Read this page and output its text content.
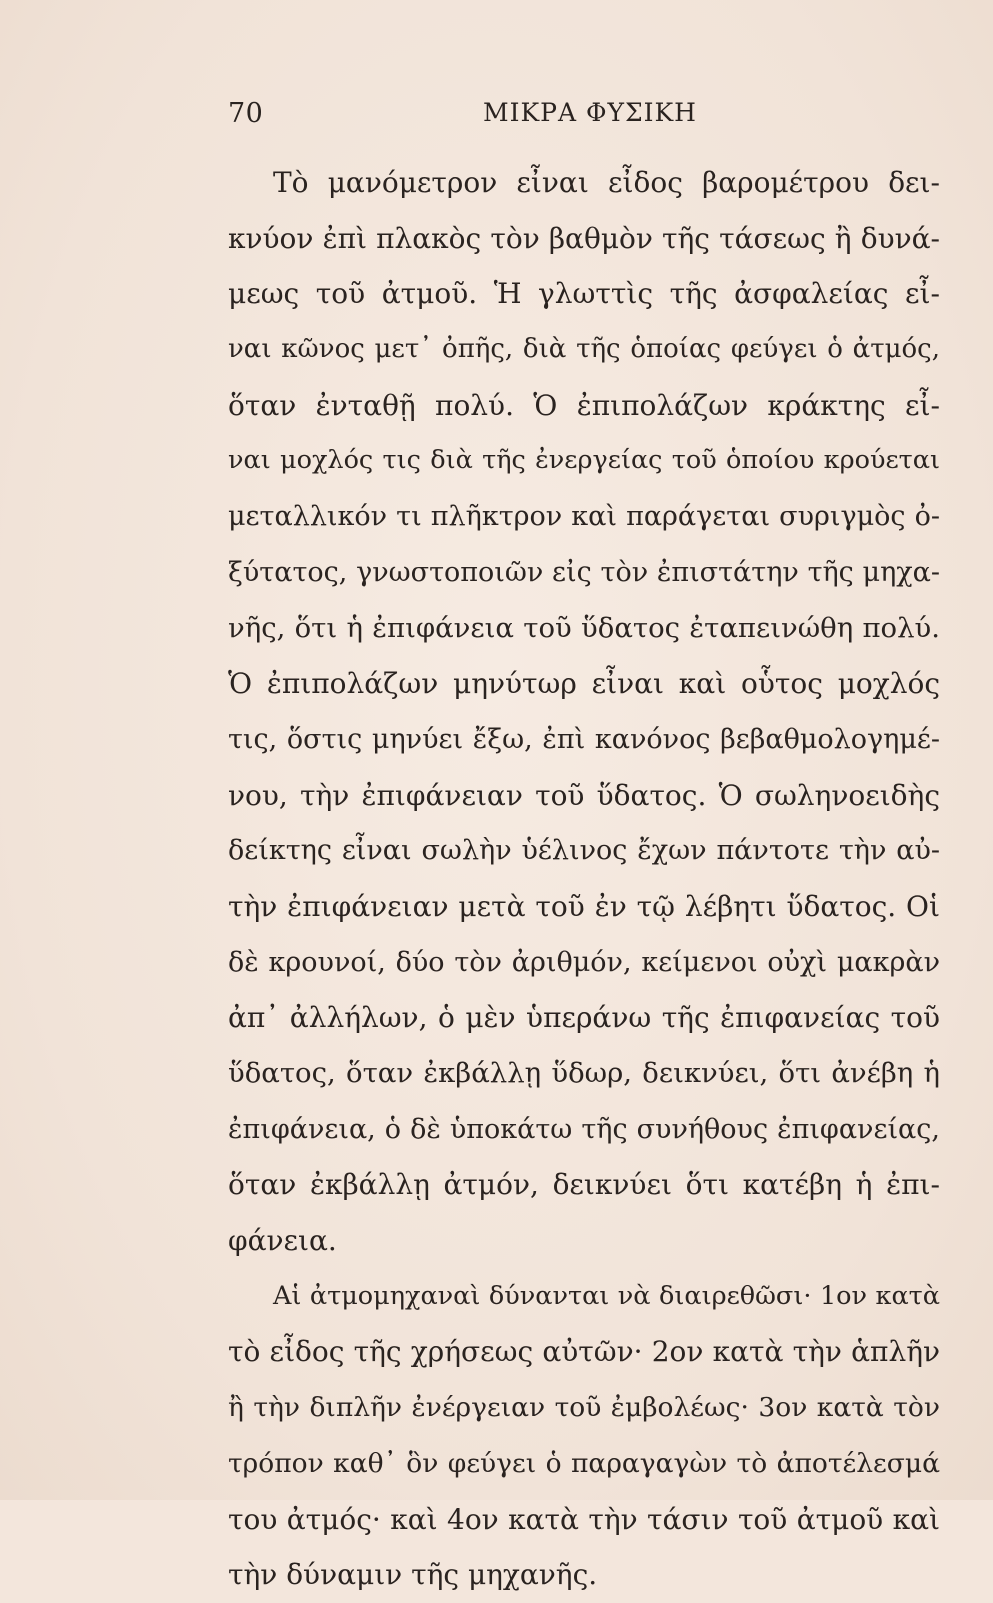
70	ΜΙΚΡΑ ΦΥΣΙΚΗ
Τὸ μανόμετρον εἶναι εἶδος βαρομέτρου δει-
κνύον ἐπὶ πλακὸς τὸν βαθμὸν τῆς τάσεως ἢ δυνά-
μεως τοῦ ἀτμοῦ. Ἡ γλωττὶς τῆς ἀσφαλείας εἶ-
ναι κῶνος μετ᾽ ὀπῆς, διὰ τῆς ὁποίας φεύγει ὁ ἀτμός,
ὅταν ἐνταθῇ πολύ. Ὁ ἐπιπολάζων κράκτης εἶ-
ναι μοχλός τις διὰ τῆς ἐνεργείας τοῦ ὁποίου κρούεται
μεταλλικόν τι πλῆκτρον καὶ παράγεται συριγμὸς ὀ-
ξύτατος, γνωστοποιῶν εἰς τὸν ἐπιστάτην τῆς μηχα-
νῆς, ὅτι ἡ ἐπιφάνεια τοῦ ὕδατος ἐταπεινώθη πολύ.
Ὁ ἐπιπολάζων μηνύτωρ εἶναι καὶ οὗτος μοχλός
τις, ὅστις μηνύει ἔξω, ἐπὶ κανόνος βεβαθμολογημέ-
νου, τὴν ἐπιφάνειαν τοῦ ὕδατος. Ὁ σωληνοειδὴς
δείκτης εἶναι σωλὴν ὑέλινος ἔχων πάντοτε τὴν αὐ-
τὴν ἐπιφάνειαν μετὰ τοῦ ἐν τῷ λέβητι ὕδατος. Οἱ
δὲ κρουνοί, δύο τὸν ἀριθμόν, κείμενοι οὐχὶ μακρὰν
ἀπ᾽ ἀλλήλων, ὁ μὲν ὑπεράνω τῆς ἐπιφανείας τοῦ
ὕδατος, ὅταν ἐκβάλλῃ ὕδωρ, δεικνύει, ὅτι ἀνέβη ἡ
ἐπιφάνεια, ὁ δὲ ὑποκάτω τῆς συνήθους ἐπιφανείας,
ὅταν ἐκβάλλῃ ἀτμόν, δεικνύει ὅτι κατέβη ἡ ἐπι-
φάνεια.
Αἱ ἀτμομηχαναὶ δύνανται νὰ διαιρεθῶσι· 1ον κατὰ
τὸ εἶδος τῆς χρήσεως αὐτῶν· 2ον κατὰ τὴν ἁπλῆν
ἢ τὴν διπλῆν ἐνέργειαν τοῦ ἐμβολέως· 3ον κατὰ τὸν
τρόπον καθ᾽ ὃν φεύγει ὁ παραγαγὼν τὸ ἀποτέλεσμά
του ἀτμός· καὶ 4ον κατὰ τὴν τάσιν τοῦ ἀτμοῦ καὶ
τὴν δύναμιν τῆς μηχανῆς.
